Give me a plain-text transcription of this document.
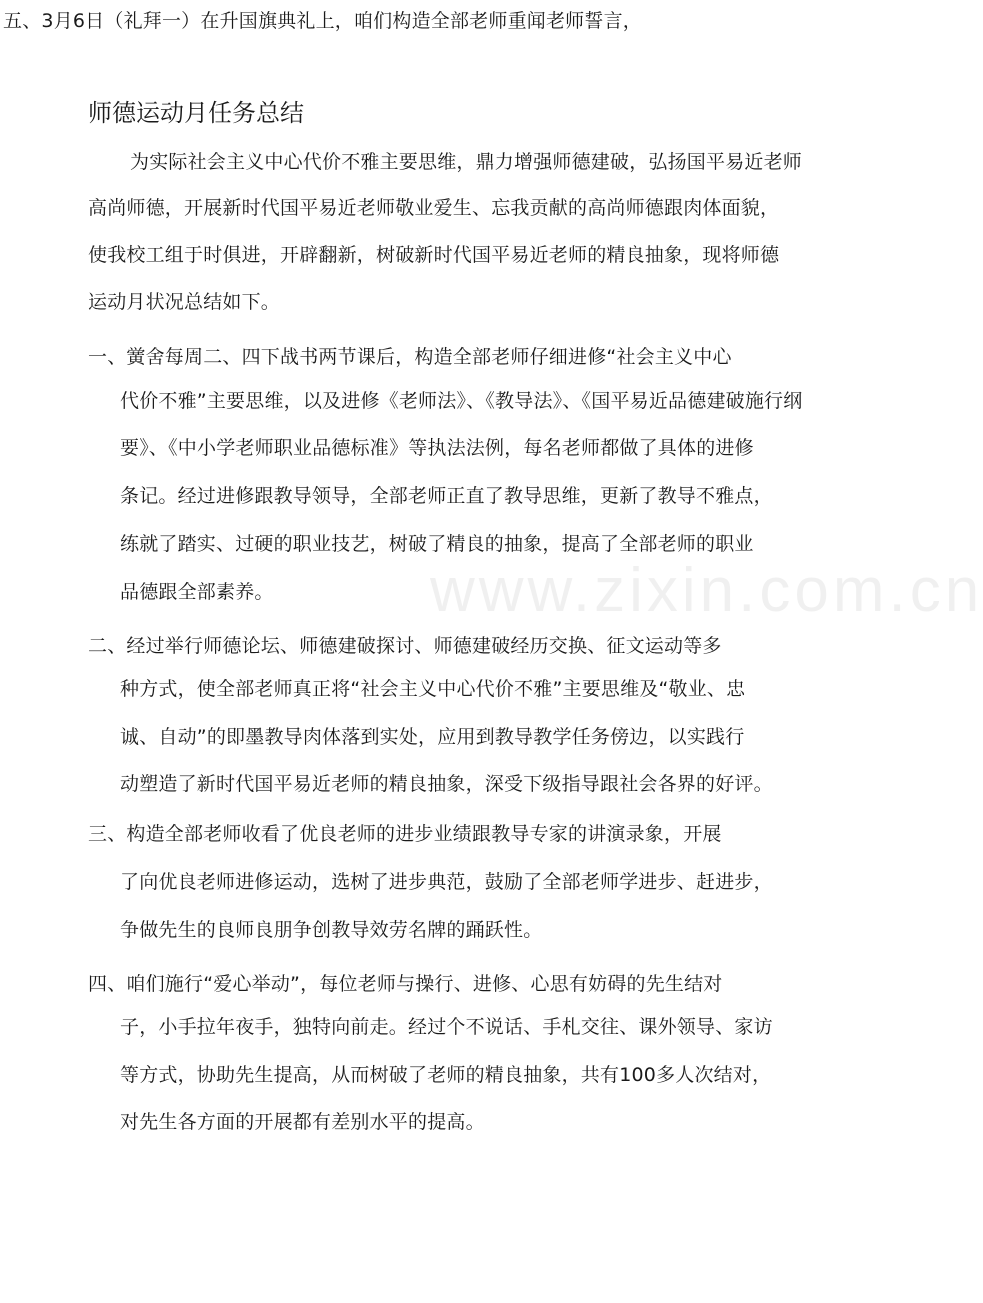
五、3月6日（礼拜一）在升国旗典礼上，咱们构造全部老师重闻老师誓言，
师德运动月任务总结
为实际社会主义中心代价不雅主要思维，鼎力增强师德建破，弘扬国平易近老师
高尚师德，开展新时代国平易近老师敬业爱生、忘我贡献的高尚师德跟肉体面貌，
使我校工组于时俱进，开辟翻新，树破新时代国平易近老师的精良抽象，现将师德
运动月状况总结如下。
一、黉舍每周二、四下战书两节课后，构造全部老师仔细进修“社会主义中心
代价不雅”主要思维，以及进修《老师法》、《教导法》、《国平易近品德建破施行纲
要》、《中小学老师职业品德标准》等执法法例，每名老师都做了具体的进修
条记。经过进修跟教导领导，全部老师正直了教导思维，更新了教导不雅点，
练就了踏实、过硬的职业技艺，树破了精良的抽象，提高了全部老师的职业
品德跟全部素养。
二、经过举行师德论坛、师德建破探讨、师德建破经历交换、征文运动等多
种方式，使全部老师真正将“社会主义中心代价不雅”主要思维及“敬业、忠
诚、自动”的即墨教导肉体落到实处，应用到教导教学任务傍边，以实践行
动塑造了新时代国平易近老师的精良抽象，深受下级指导跟社会各界的好评。
三、构造全部老师收看了优良老师的进步业绩跟教导专家的讲演录象，开展
了向优良老师进修运动，选树了进步典范，鼓励了全部老师学进步、赶进步，
争做先生的良师良朋争创教导效劳名牌的踊跃性。
四、咱们施行“爱心举动”，每位老师与操行、进修、心思有妨碍的先生结对
子，小手拉年夜手，独特向前走。经过个不说话、手札交往、课外领导、家访
等方式，协助先生提高，从而树破了老师的精良抽象，共有100多人次结对，
对先生各方面的开展都有差别水平的提高。
www.zixin.com.cn
